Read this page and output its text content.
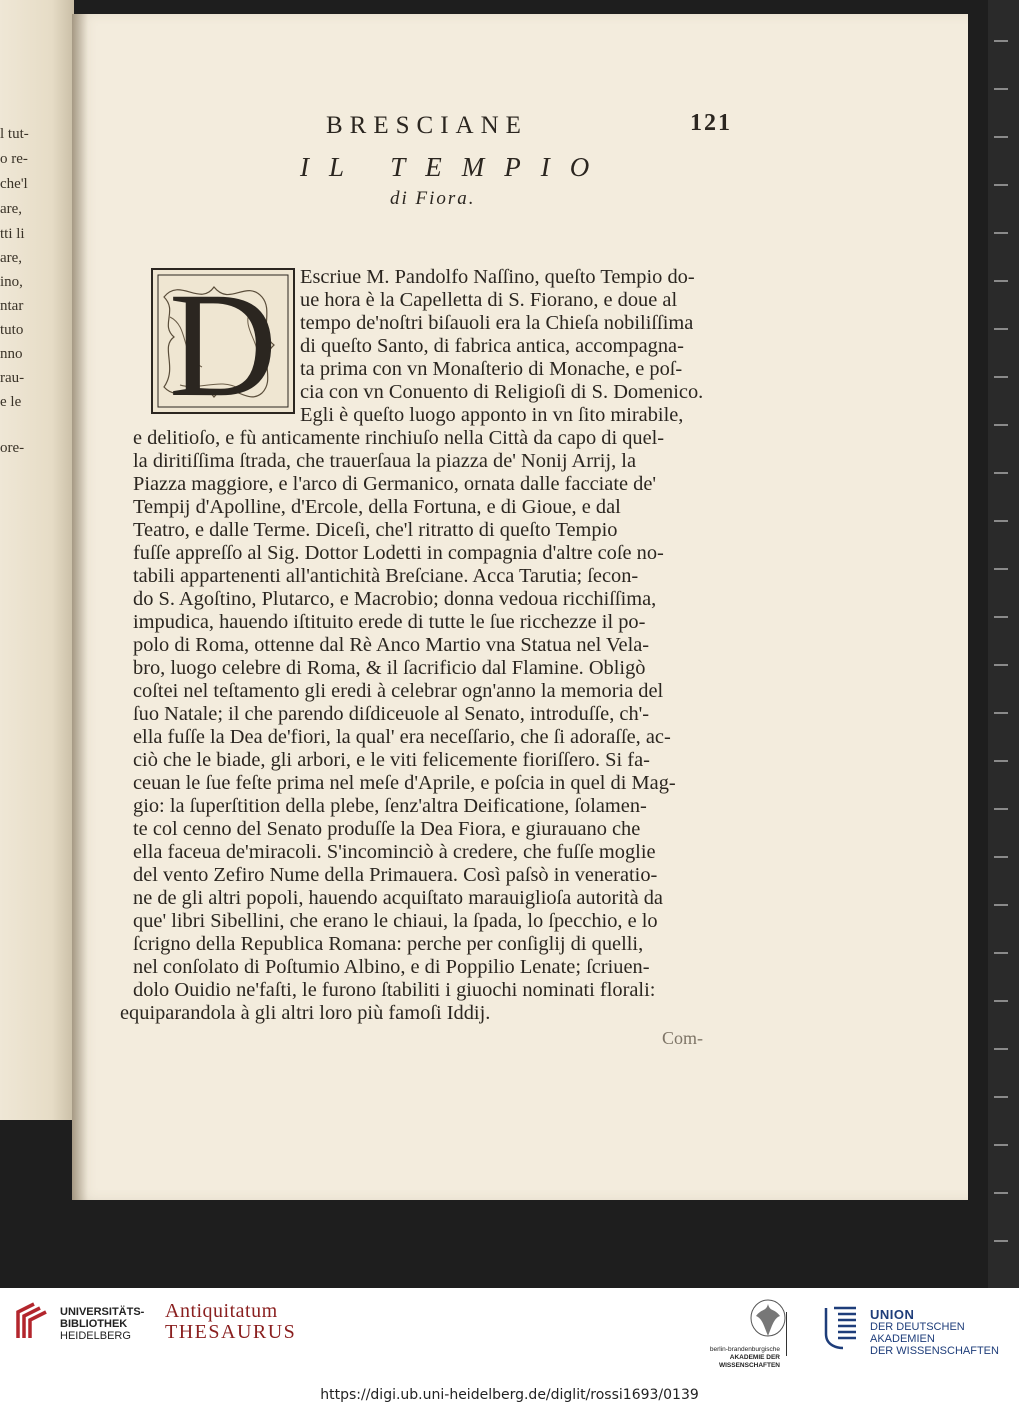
l tut-
o re-
che'l
are,
tti li
are,
ino,
ntar
tuto
nno
rau-
e le
ore-
BRESCIANE	121
IL TEMPIO
di Fiora.
D Escriue M. Pandolfo Naſſino, queſto Tempio do-
ue hora è la Capelletta di S. Fiorano, e doue al
tempo de'noſtri biſauoli era la Chieſa nobiliſſima
di queſto Santo, di fabrica antica, accompagna-
ta prima con vn Monaſterio di Monache, e poſ-
cia con vn Conuento di Religioſi di S. Domenico.
Egli è queſto luogo apponto in vn ſito mirabile,
e delitioſo, e fù anticamente rinchiuſo nella Città da capo di quel-
la diritiſſima ſtrada, che trauerſaua la piazza de' Nonij Arrij, la
Piazza maggiore, e l'arco di Germanico, ornata dalle facciate de'
Tempij d'Apolline, d'Ercole, della Fortuna, e di Gioue, e dal
Teatro, e dalle Terme. Diceſi, che'l ritratto di queſto Tempio
fuſſe appreſſo al Sig. Dottor Lodetti in compagnia d'altre coſe no-
tabili appartenenti all'antichità Breſciane. Acca Tarutia; ſecon-
do S. Agoſtino, Plutarco, e Macrobio; donna vedoua ricchiſſima,
impudica, hauendo iſtituito erede di tutte le ſue ricchezze il po-
polo di Roma, ottenne dal Rè Anco Martio vna Statua nel Vela-
bro, luogo celebre di Roma, & il ſacrificio dal Flamine. Obligò
coſtei nel teſtamento gli eredi à celebrar ogn'anno la memoria del
ſuo Natale; il che parendo diſdiceuole al Senato, introduſſe, ch'-
ella fuſſe la Dea de'fiori, la qual' era neceſſario, che ſi adoraſſe, ac-
ciò che le biade, gli arbori, e le viti felicemente fioriſſero. Si fa-
ceuan le ſue feſte prima nel meſe d'Aprile, e poſcia in quel di Mag-
gio: la ſuperſtition della plebe, ſenz'altra Deificatione, ſolamen-
te col cenno del Senato produſſe la Dea Fiora, e giurauano che
ella faceua de'miracoli. S'incominciò à credere, che fuſſe moglie
del vento Zefiro Nume della Primauera. Così paſsò in veneratio-
ne de gli altri popoli, hauendo acquiſtato marauiglioſa autorità da
que' libri Sibellini, che erano le chiaui, la ſpada, lo ſpecchio, e lo
ſcrigno della Republica Romana: perche per conſiglij di quelli,
nel conſolato di Poſtumio Albino, e di Poppilio Lenate; ſcriuen-
dolo Ouidio ne'faſti, le furono ſtabiliti i giuochi nominati florali:
equiparandola à gli altri loro più famoſi Iddij.
Com-
UNIVERSITÄTS-
BIBLIOTHEK
HEIDELBERG
Antiquitatum
THESAURUS
berlin-brandenburgische
AKADEMIE DER WISSENSCHAFTEN
UNION
DER DEUTSCHEN AKADEMIEN
DER WISSENSCHAFTEN
https://digi.ub.uni-heidelberg.de/diglit/rossi1693/0139
